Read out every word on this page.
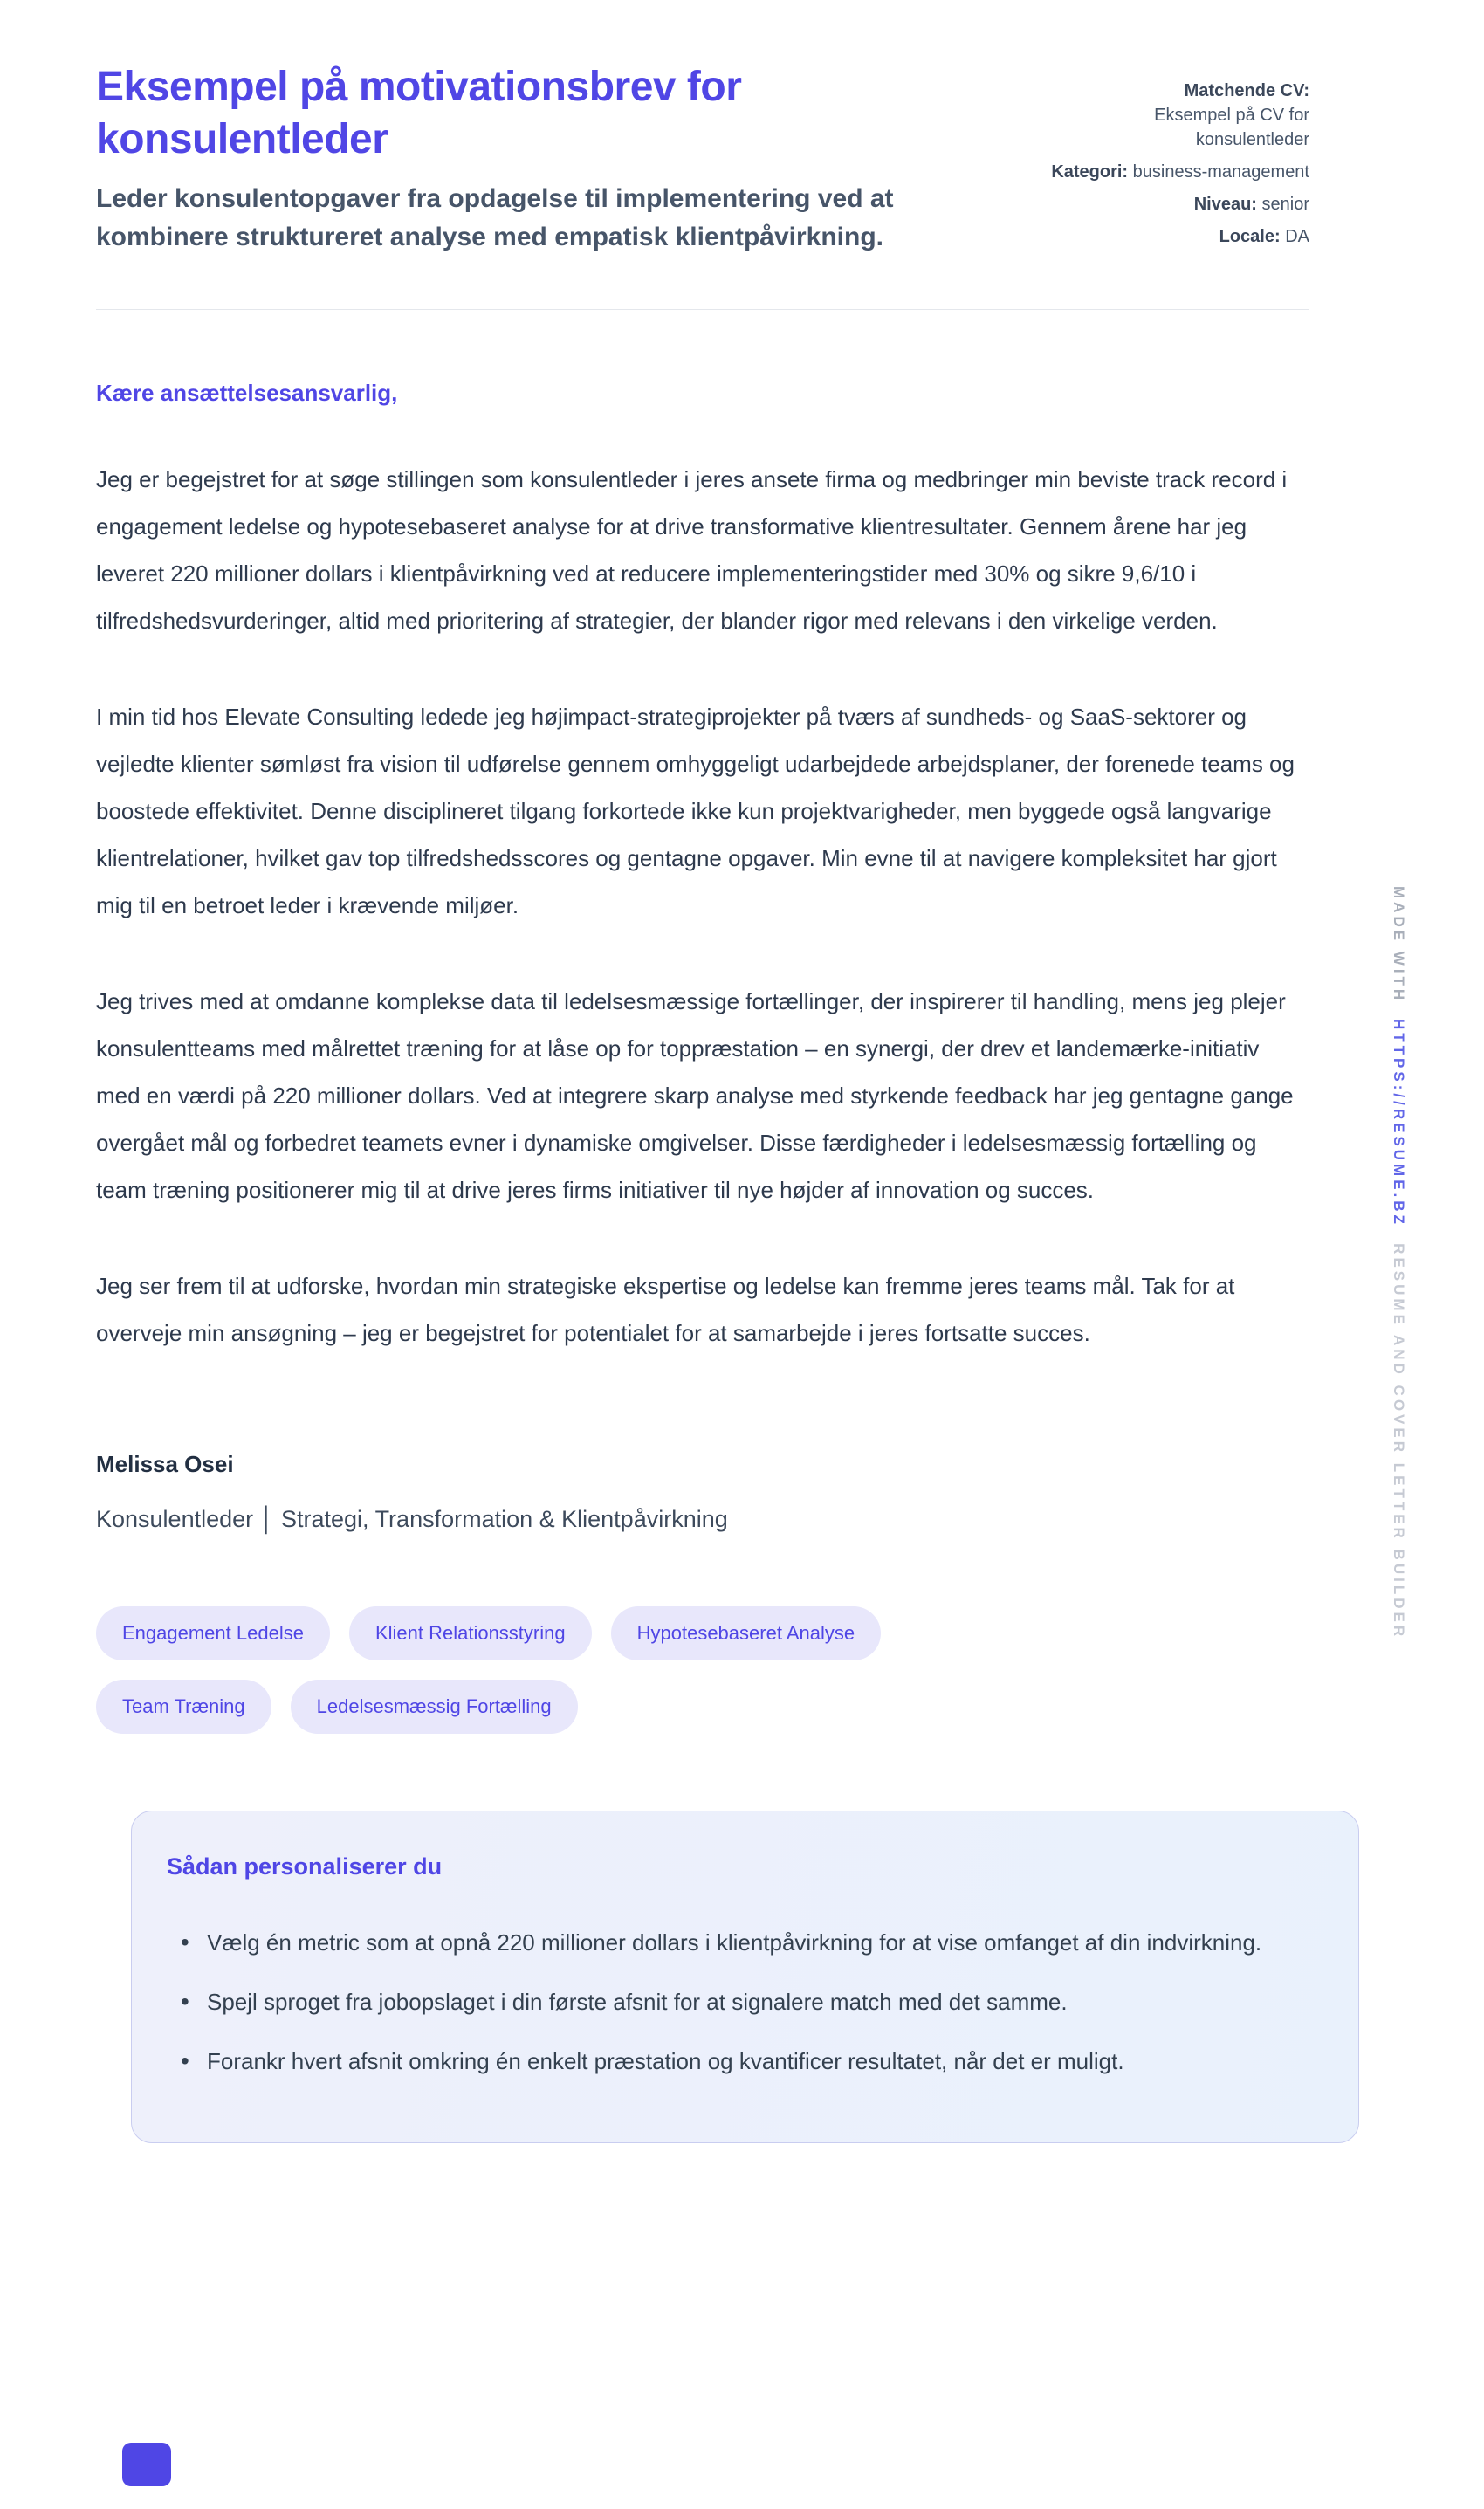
Eksempel på motivationsbrev for konsulentleder
Leder konsulentopgaver fra opdagelse til implementering ved at kombinere struktureret analyse med empatisk klientpåvirkning.
Matchende CV:
Eksempel på CV for konsulentleder
Kategori: business-management
Niveau: senior
Locale: DA
Kære ansættelsesansvarlig,

Jeg er begejstret for at søge stillingen som konsulentleder i jeres ansete firma og medbringer min beviste track record i engagement ledelse og hypotesebaseret analyse for at drive transformative klientresultater. Gennem årene har jeg leveret 220 millioner dollars i klientpåvirkning ved at reducere implementeringstider med 30% og sikre 9,6/10 i tilfredshedsvurderinger, altid med prioritering af strategier, der blander rigor med relevans i den virkelige verden.

I min tid hos Elevate Consulting ledede jeg højimpact-strategiprojekter på tværs af sundheds- og SaaS-sektorer og vejledte klienter sømløst fra vision til udførelse gennem omhyggeligt udarbejdede arbejdsplaner, der forenede teams og boostede effektivitet. Denne disciplineret tilgang forkortede ikke kun projektvarigheder, men byggede også langvarige klientrelationer, hvilket gav top tilfredshedsscores og gentagne opgaver. Min evne til at navigere kompleksitet har gjort mig til en betroet leder i krævende miljøer.

Jeg trives med at omdanne komplekse data til ledelsesmæssige fortællinger, der inspirerer til handling, mens jeg plejer konsulentteams med målrettet træning for at låse op for toppræstation – en synergi, der drev et landemærke-initiativ med en værdi på 220 millioner dollars. Ved at integrere skarp analyse med styrkende feedback har jeg gentagne gange overgået mål og forbedret teamets evner i dynamiske omgivelser. Disse færdigheder i ledelsesmæssig fortælling og team træning positionerer mig til at drive jeres firms initiativer til nye højder af innovation og succes.

Jeg ser frem til at udforske, hvordan min strategiske ekspertise og ledelse kan fremme jeres teams mål. Tak for at overveje min ansøgning – jeg er begejstret for potentialet for at samarbejde i jeres fortsatte succes.

Melissa Osei
Konsulentleder │ Strategi, Transformation & Klientpåvirkning
Engagement Ledelse	Klient Relationsstyring	Hypotesebaseret Analyse
Team Træning	Ledelsesmæssig Fortælling
Sådan personaliserer du
• Vælg én metric som at opnå 220 millioner dollars i klientpåvirkning for at vise omfanget af din indvirkning.
• Spejl sproget fra jobopslaget i din første afsnit for at signalere match med det samme.
• Forankr hvert afsnit omkring én enkelt præstation og kvantificer resultatet, når det er muligt.
MADE WITHHTTPS://RESUME.BZRESUME AND COVER LETTER BUILDER
